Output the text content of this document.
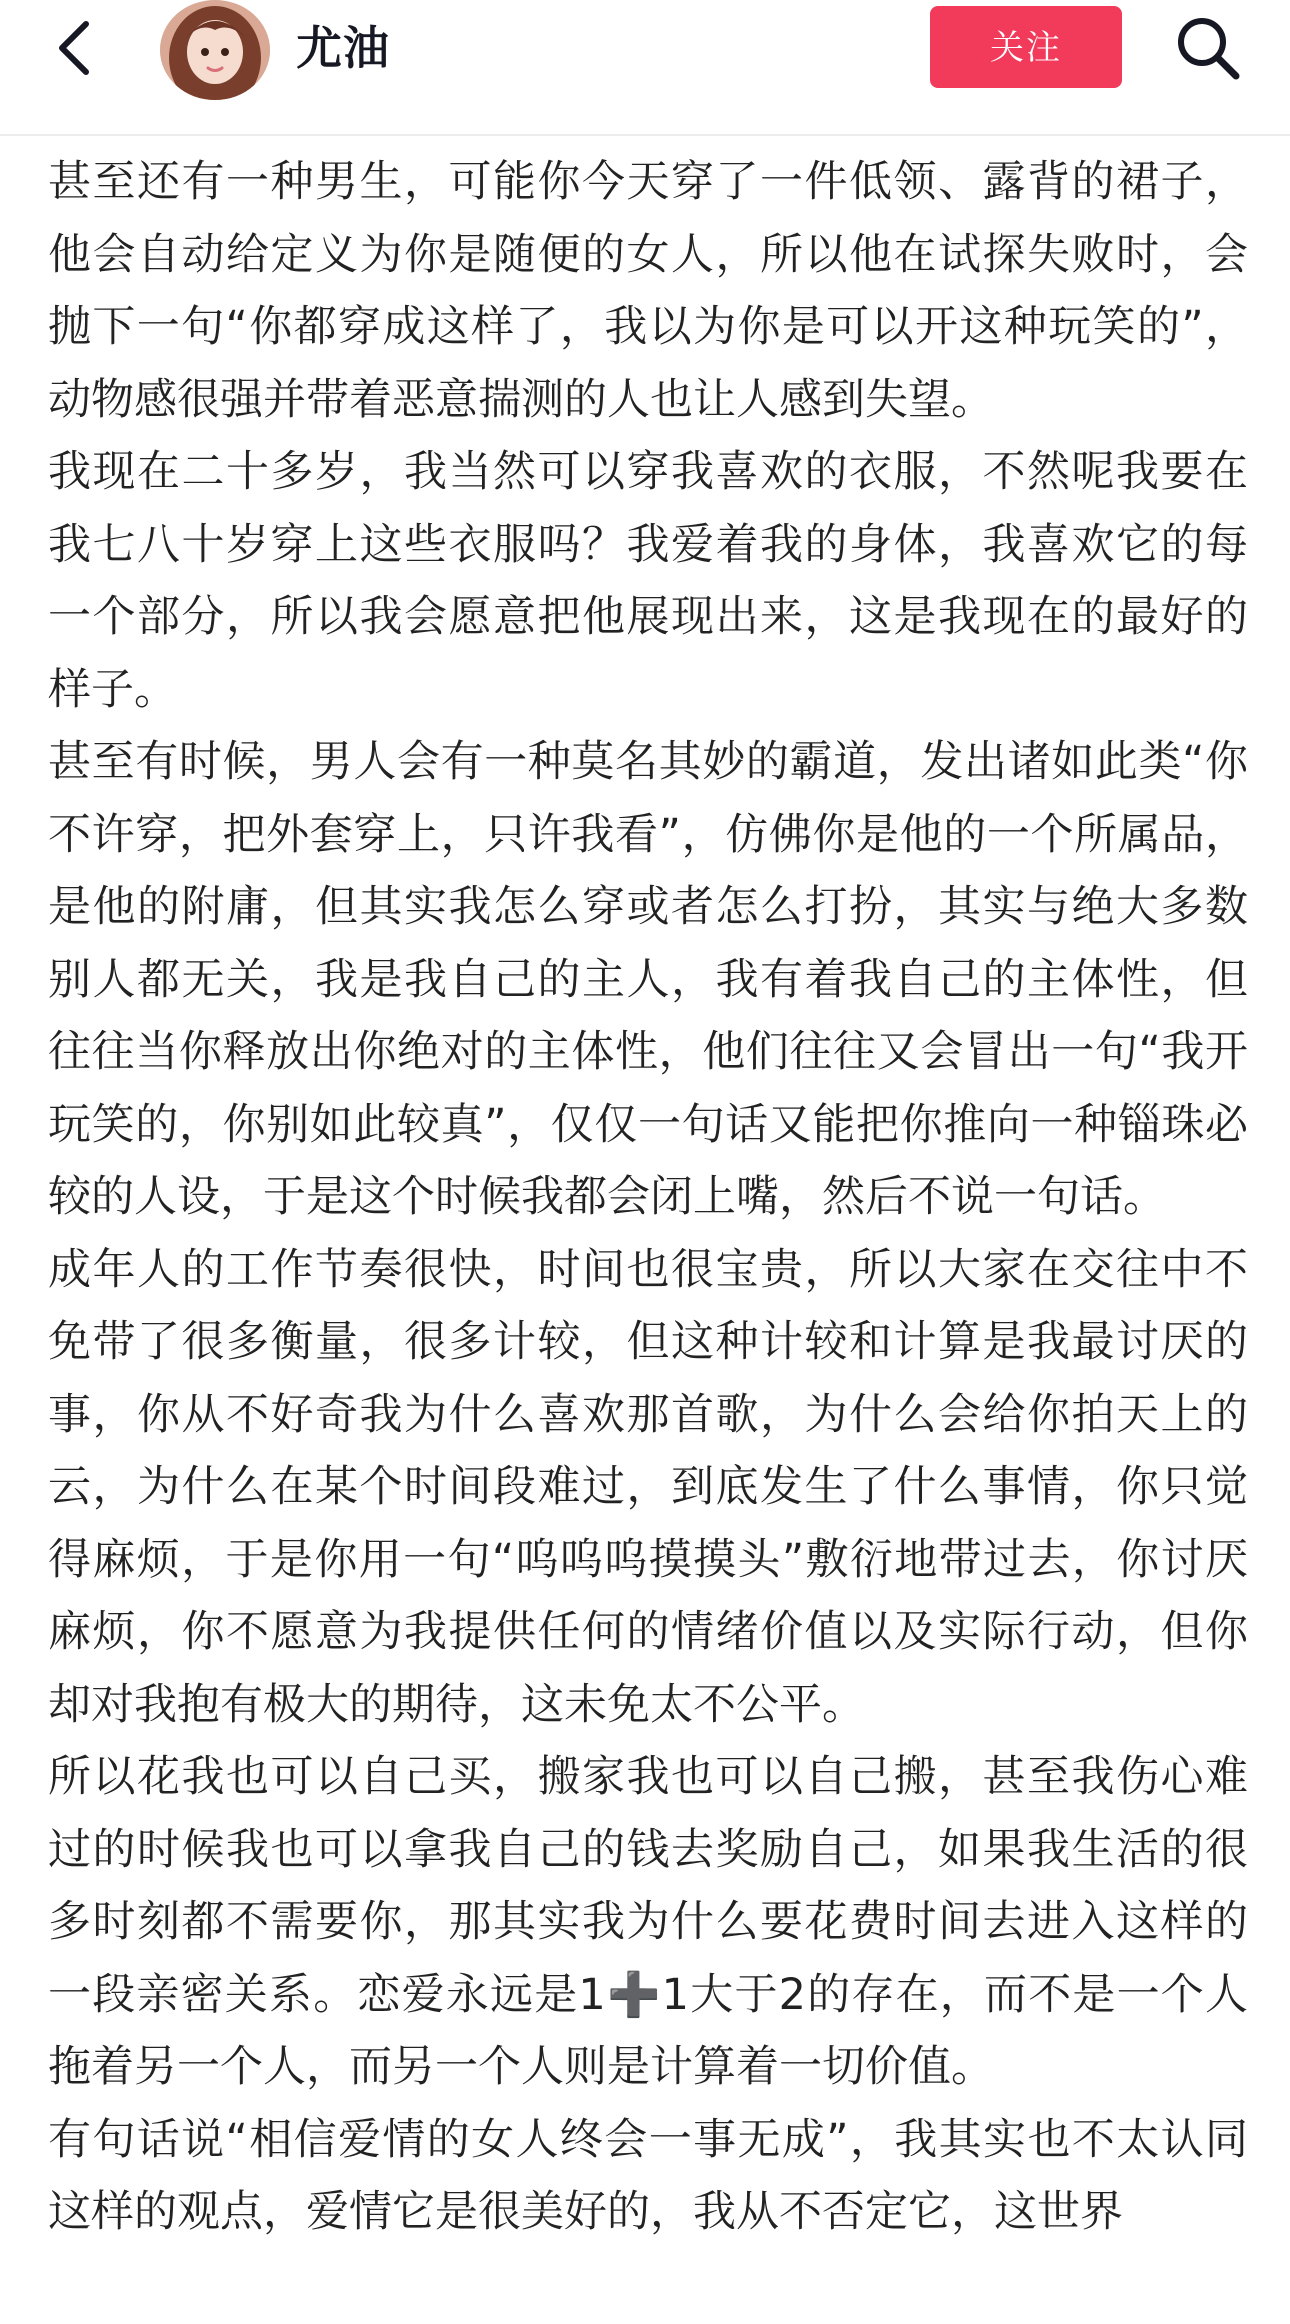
尤油	关注

甚至还有一种男生，可能你今天穿了一件低领、露背的裙子，他会自动给定义为你是随便的女人，所以他在试探失败时，会抛下一句“你都穿成这样了，我以为你是可以开这种玩笑的”，动物感很强并带着恶意揣测的人也让人感到失望。

我现在二十多岁，我当然可以穿我喜欢的衣服，不然呢我要在我七八十岁穿上这些衣服吗？我爱着我的身体，我喜欢它的每一个部分，所以我会愿意把他展现出来，这是我现在的最好的样子。

甚至有时候，男人会有一种莫名其妙的霸道，发出诸如此类“你不许穿，把外套穿上，只许我看”，仿佛你是他的一个所属品，是他的附庸，但其实我怎么穿或者怎么打扮，其实与绝大多数别人都无关，我是我自己的主人，我有着我自己的主体性，但往往当你释放出你绝对的主体性，他们往往又会冒出一句“我开玩笑的，你别如此较真”，仅仅一句话又能把你推向一种锱珠必较的人设，于是这个时候我都会闭上嘴，然后不说一句话。

成年人的工作节奏很快，时间也很宝贵，所以大家在交往中不免带了很多衡量，很多计较，但这种计较和计算是我最讨厌的事，你从不好奇我为什么喜欢那首歌，为什么会给你拍天上的云，为什么在某个时间段难过，到底发生了什么事情，你只觉得麻烦，于是你用一句“呜呜呜摸摸头”敷衍地带过去，你讨厌麻烦，你不愿意为我提供任何的情绪价值以及实际行动，但你却对我抱有极大的期待，这未免太不公平。

所以花我也可以自己买，搬家我也可以自己搬，甚至我伤心难过的时候我也可以拿我自己的钱去奖励自己，如果我生活的很多时刻都不需要你，那其实我为什么要花费时间去进入这样的一段亲密关系。恋爱永远是1➕1大于2的存在，而不是一个人拖着另一个人，而另一个人则是计算着一切价值。

有句话说“相信爱情的女人终会一事无成”，我其实也不太认同这样的观点，爱情它是很美好的，我从不否定它，这世界
